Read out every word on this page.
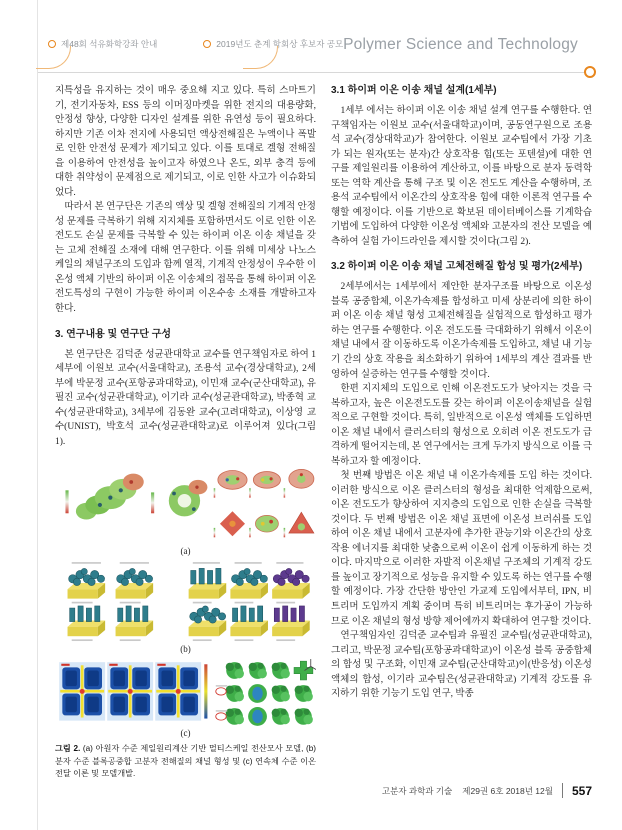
제48회 석유화학강좌 안내	2019년도 춘계 학회상 후보자 공모 Polymer Science and Technology

지특성을 유지하는 것이 매우 중요해 지고 있다. 특히 스마트기기, 전기자동차, ESS 등의 이머징마켓을 위한 전지의 대용량화, 안정성 향상, 다양한 디자인 설계를 위한 유연성 등이 필요하다. 하지만 기존 이차 전지에 사용되던 액상전해질은 누액이나 폭발로 인한 안전성 문제가 제기되고 있다. 이를 토대로 겔형 전해질을 이용하여 안전성을 높이고자 하였으나 온도, 외부 충격 등에 대한 취약성이 문제점으로 제기되고, 이로 인한 사고가 이슈화되었다.

따라서 본 연구단은 기존의 액상 및 겔형 전해질의 기계적 안정성 문제를 극복하기 위해 지지체를 포함하면서도 이로 인한 이온전도도 손실 문제를 극복할 수 있는 하이퍼 이온 이송 채널을 갖는 고체 전해질 소재에 대해 연구한다. 이를 위해 미세상 나노스케일의 채널구조의 도입과 함께 열적, 기계적 안정성이 우수한 이온성 액체 기반의 하이퍼 이온 이송체의 접목을 통해 하이퍼 이온 전도특성의 구현이 가능한 하이퍼 이온수송 소재를 개발하고자 한다.

3. 연구내용 및 연구단 구성

본 연구단은 김덕준 성균관대학교 교수를 연구책임자로 하여 1세부에 이원보 교수(서울대학교), 조용석 교수(경상대학교), 2세부에 박문정 교수(포항공과대학교), 이민재 교수(군산대학교), 유필진 교수(성균관대학교), 이기라 교수(성균관대학교), 박종혁 교수(성균관대학교), 3세부에 김동완 교수(고려대학교), 이상영 교수(UNIST), 박호석 교수(성균관대학교)로 이루어져 있다(그림 1).

(a)
(b)
(c)
그림 2. (a) 아원자 수준 제일원리계산 기반 멀티스케일 전산모사 모델, (b) 분자 수준 블록공중합 고분자 전해질의 채널 형성 및 (c) 연속체 수준 이온전달 이론 및 모델개발.
3.1 하이퍼 이온 이송 채널 설계(1세부)

1세부 에서는 하이퍼 이온 이송 채널 설계 연구를 수행한다. 연구책임자는 이원보 교수(서울대학교)이며, 공동연구원으로 조용석 교수(경상대학교)가 참여한다. 이원보 교수팀에서 가장 기초가 되는 원자(또는 분자)간 상호작용 힘(또는 포텐셜)에 대한 연구를 제일원리를 이용하여 계산하고, 이를 바탕으로 분자 동력학 또는 역학 계산을 통해 구조 및 이온 전도도 계산을 수행하며, 조용석 교수팀에서 이온간의 상호작용 힘에 대한 이론적 연구를 수행할 예정이다. 이를 기반으로 확보된 데이터베이스를 기계학습 기법에 도입하여 다양한 이온성 액체와 고분자의 전산 모델을 예측하여 실험 가이드라인을 제시할 것이다(그림 2).

3.2 하이퍼 이온 이송 채널 고체전해질 합성 및 평가(2세부)

2세부에서는 1세부에서 제안한 분자구조를 바탕으로 이온성 블록 공중합체, 이온가속제를 합성하고 미세 상분리에 의한 하이퍼 이온 이송 채널 형성 고체전해질을 실험적으로 합성하고 평가하는 연구를 수행한다. 이온 전도도를 극대화하기 위해서 이온이 채널 내에서 잘 이동하도록 이온가속제를 도입하고, 채널 내 기능기 간의 상호 작용을 최소화하기 위하여 1세부의 계산 결과를 반영하여 실증하는 연구를 수행할 것이다.

한편 지지체의 도입으로 인해 이온전도도가 낮아지는 것을 극복하고자, 높은 이온전도도를 갖는 하이퍼 이온이송채널을 실험적으로 구현할 것이다. 특히, 일반적으로 이온성 액체를 도입하면 이온 채널 내에서 클러스터의 형성으로 오히려 이온 전도도가 급격하게 떨어지는데, 본 연구에서는 크게 두가지 방식으로 이를 극복하고자 할 예정이다.

첫 번째 방법은 이온 채널 내 이온가속제를 도입 하는 것이다. 이러한 방식으로 이온 클러스터의 형성을 최대한 억제함으로써, 이온 전도도가 향상하여 지지층의 도입으로 인한 손실을 극복할 것이다. 두 번째 방법은 이온 채널 표면에 이온성 브러쉬를 도입하여 이온 채널 내에서 고분자에 추가한 관능기와 이온간의 상호작용 에너지를 최대한 낮춤으로써 이온이 쉽게 이동하게 하는 것이다. 마지막으로 이러한 자발적 이온채널 구조체의 기계적 강도를 높이고 장기적으로 성능을 유지할 수 있도록 하는 연구를 수행할 예정이다. 가장 간단한 방안인 가교제 도입에서부터, IPN, 비트리머 도입까지 계획 중이며 특히 비트리머는 후가공이 가능하므로 이온 채널의 형성 방향 제어에까지 확대하여 연구할 것이다.

연구책임자인 김덕준 교수팀과 유필진 교수팀(성균관대학교), 그리고, 박문정 교수팀(포항공과대학교)이 이온성 블록 공중합체의 합성 및 구조화, 이민재 교수팀(군산대학교)이(반응성) 이온성 액체의 합성, 이기라 교수팀은(성균관대학교) 기계적 강도를 유지하기 위한 기능기 도입 연구, 박종

고분자 과학과 기술 제29권 6호 2018년 12월 557
